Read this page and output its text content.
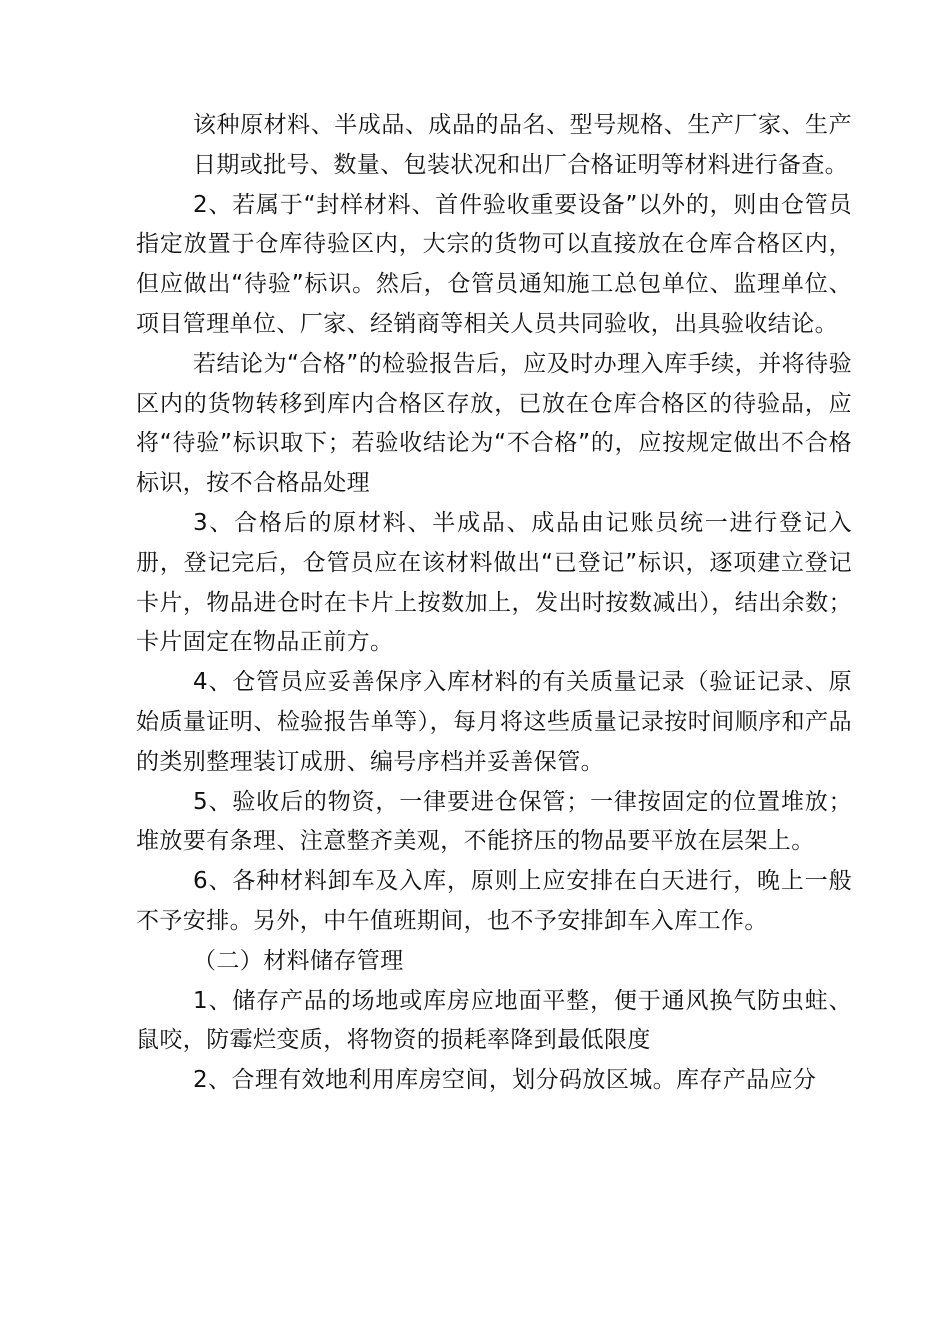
该种原材料、半成品、成品的品名、型号规格、生产厂家、生产日期或批号、数量、包装状况和出厂合格证明等材料进行备查。

2、若属于“封样材料、首件验收重要设备”以外的，则由仓管员指定放置于仓库待验区内，大宗的货物可以直接放在仓库合格区内，但应做出“待验”标识。然后，仓管员通知施工总包单位、监理单位、项目管理单位、厂家、经销商等相关人员共同验收，出具验收结论。

若结论为“合格”的检验报告后，应及时办理入库手续，并将待验区内的货物转移到库内合格区存放，已放在仓库合格区的待验品，应将“待验”标识取下；若验收结论为“不合格”的，应按规定做出不合格标识，按不合格品处理

3、合格后的原材料、半成品、成品由记账员统一进行登记入册，登记完后，仓管员应在该材料做出“已登记”标识，逐项建立登记卡片，物品进仓时在卡片上按数加上，发出时按数减出），结出余数；卡片固定在物品正前方。

4、仓管员应妥善保序入库材料的有关质量记录（验证记录、原始质量证明、检验报告单等），每月将这些质量记录按时间顺序和产品的类别整理装订成册、编号序档并妥善保管。

5、验收后的物资，一律要进仓保管；一律按固定的位置堆放；堆放要有条理、注意整齐美观，不能挤压的物品要平放在层架上。

6、各种材料卸车及入库，原则上应安排在白天进行，晚上一般不予安排。另外，中午值班期间，也不予安排卸车入库工作。

（二）材料储存管理

1、储存产品的场地或库房应地面平整，便于通风换气防虫蛀、鼠咬，防霉烂变质，将物资的损耗率降到最低限度

2、合理有效地利用库房空间，划分码放区城。库存产品应分
